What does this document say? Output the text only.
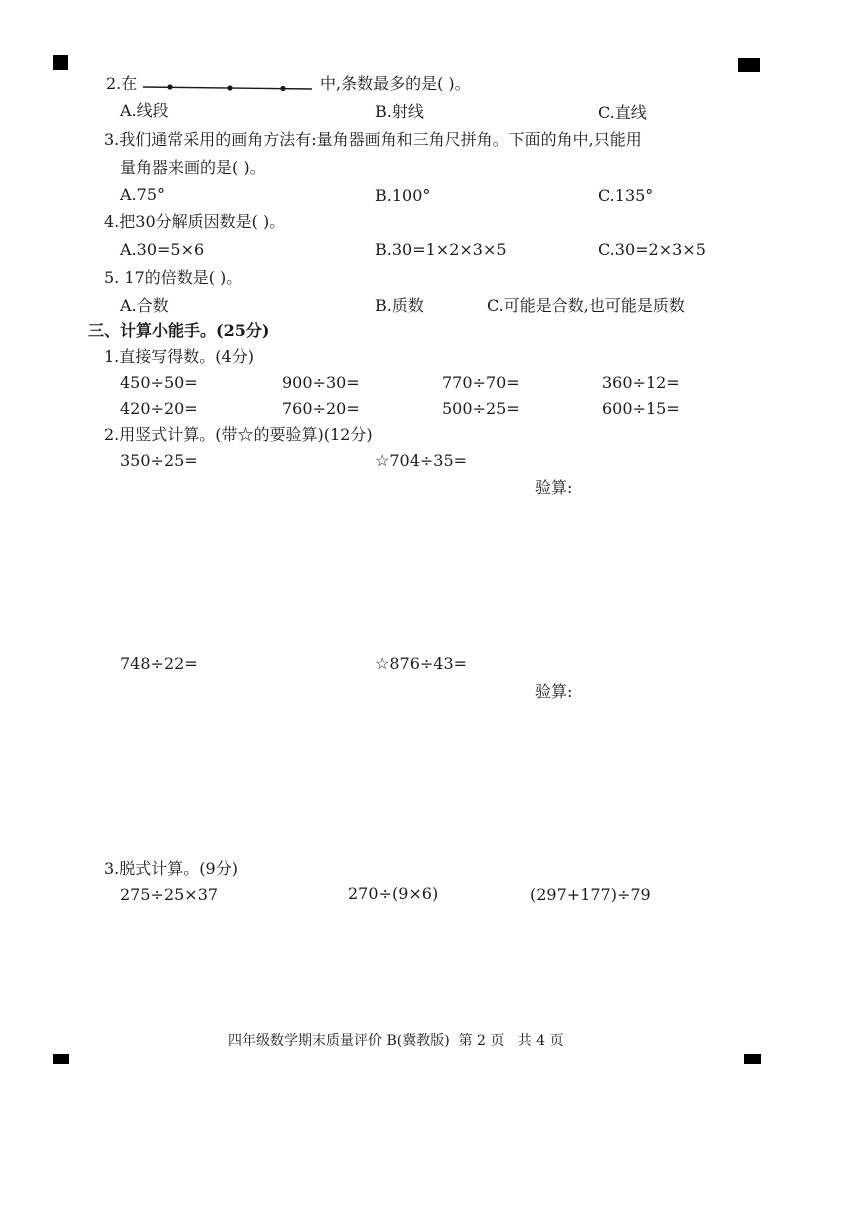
2.在	中,条数最多的是( )。
A.线段	B.射线	C.直线
3.我们通常采用的画角方法有:量角器画角和三角尺拼角。下面的角中,只能用
量角器来画的是( )。
A.75°	B.100°	C.135°
4.把30分解质因数是( )。
A.30=5×6	B.30=1×2×3×5	C.30=2×3×5
5. 17的倍数是( )。
A.合数	B.质数	C.可能是合数,也可能是质数
三、计算小能手。(25分)
1.直接写得数。(4分)
450÷50=	900÷30=	770÷70=	360÷12=
420÷20=	760÷20=	500÷25=	600÷15=
2.用竖式计算。(带☆的要验算)(12分)
350÷25=	☆704÷35=
验算:
748÷22=	☆876÷43=
验算:
3.脱式计算。(9分)
275÷25×37	270÷(9×6)	(297+177)÷79
四年级数学期末质量评价 B(冀教版)  第 2 页   共 4 页
